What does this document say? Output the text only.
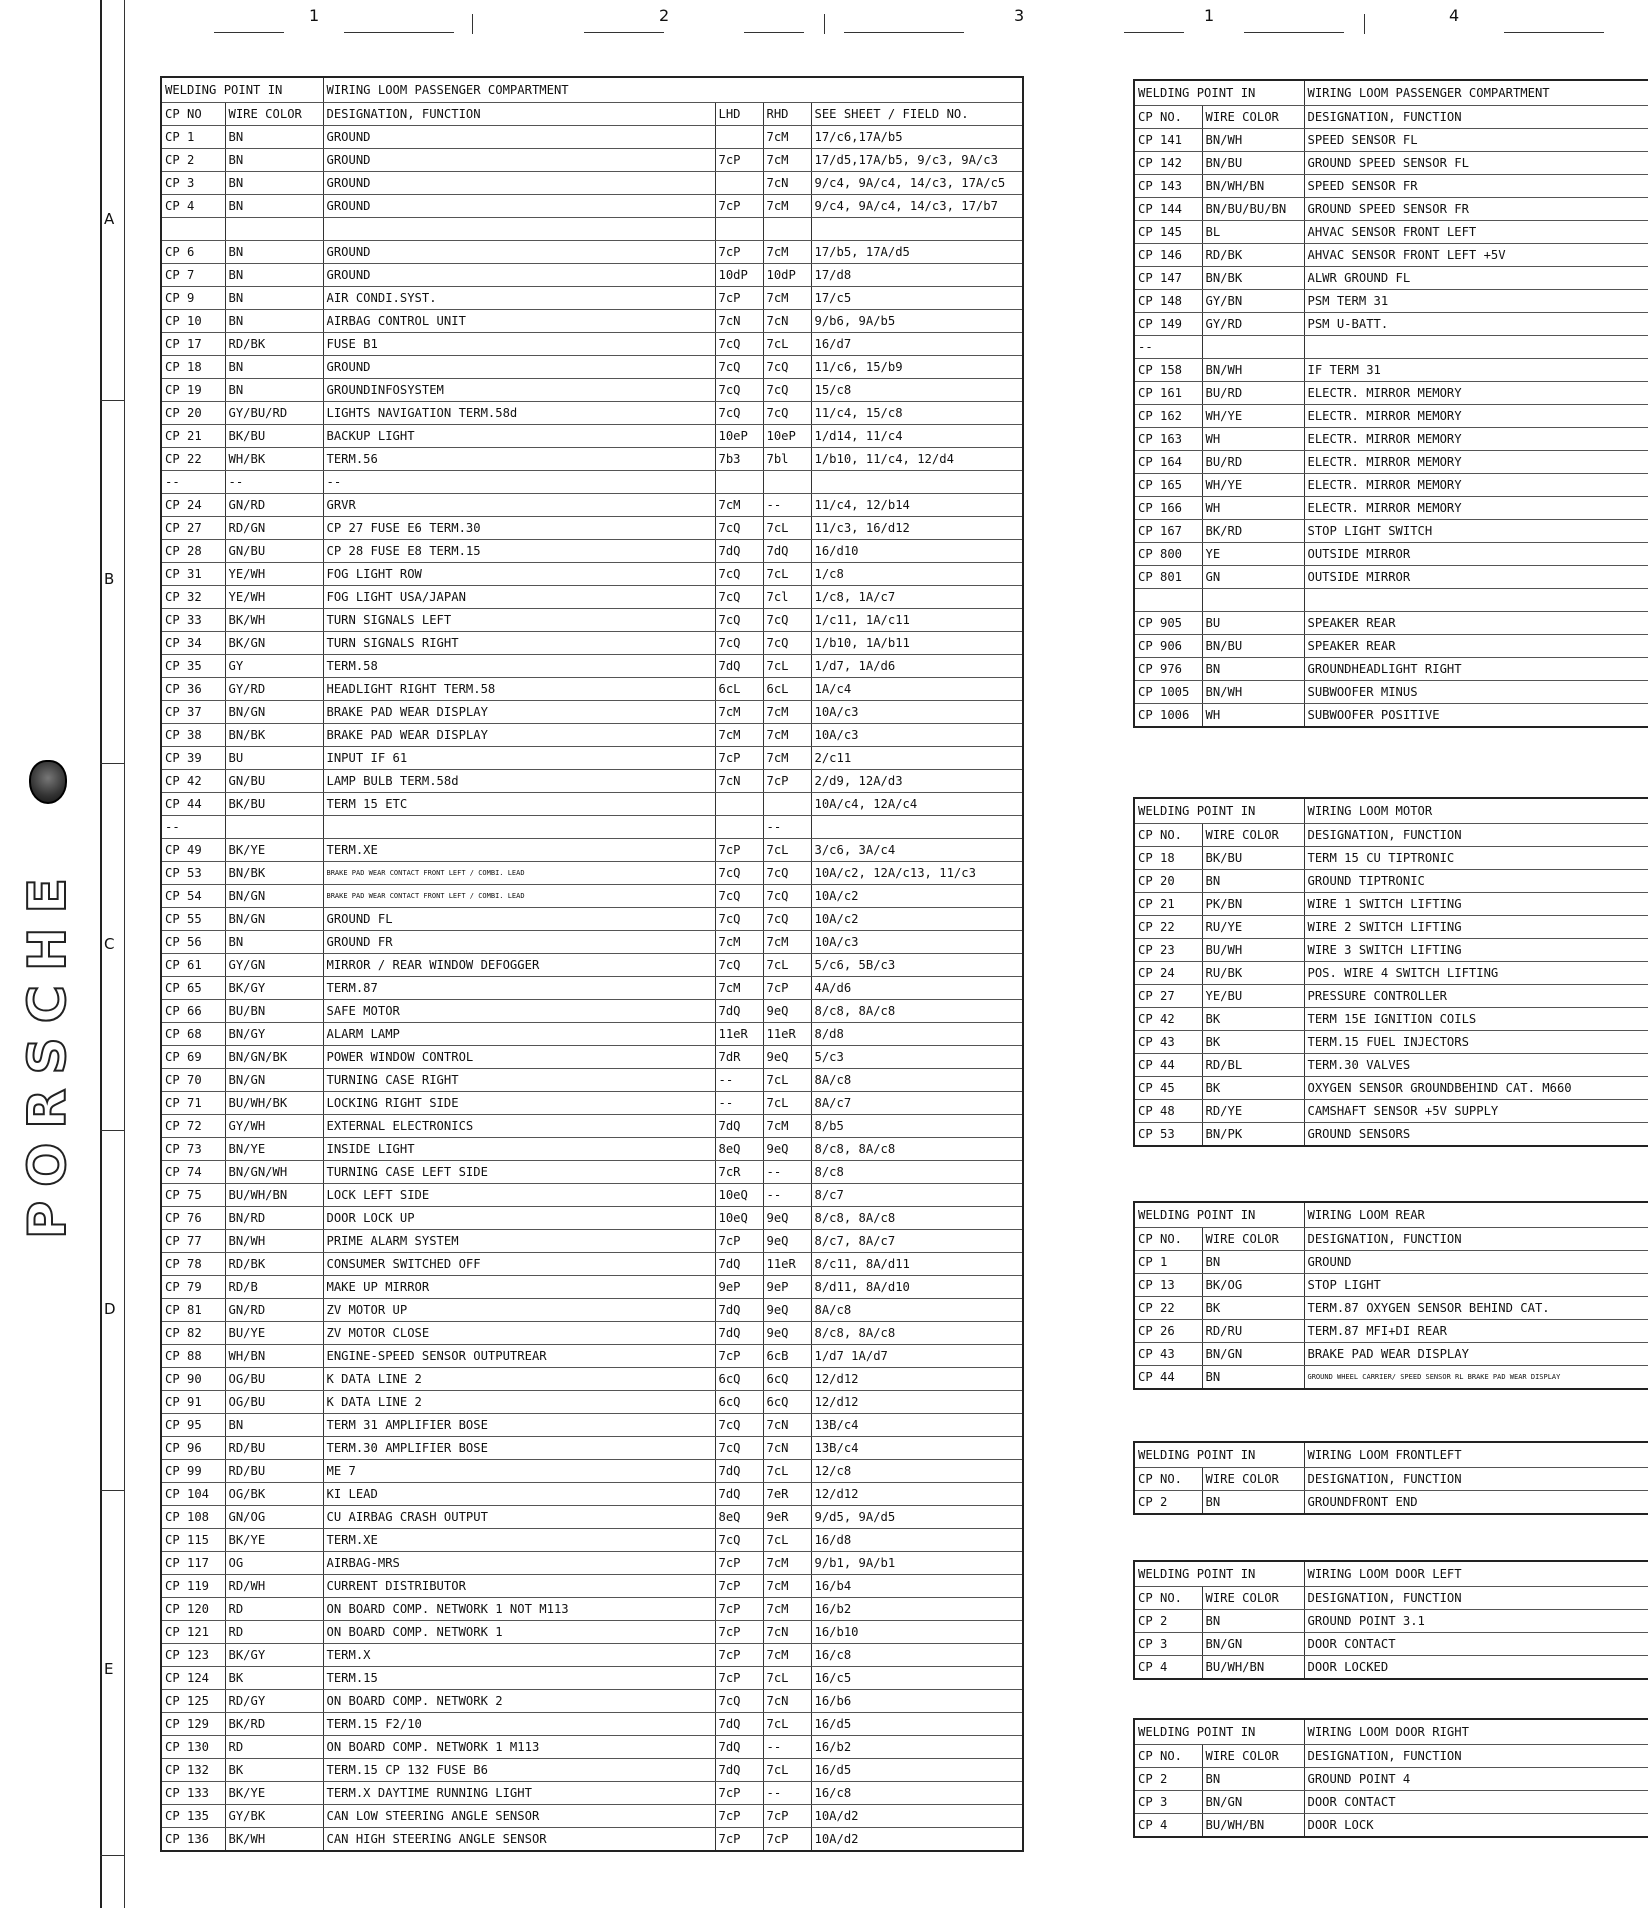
PORSCHE
A
B
C
D
E
1	2	3	1	4
WELDING POINT IN		WIRING LOOM PASSENGER COMPARTMENT			
CP NO	WIRE COLOR	DESIGNATION, FUNCTION	LHD	RHD	SEE SHEET / FIELD NO.
CP 1	BN	GROUND		7cM	17/c6,17A/b5
CP 2	BN	GROUND	7cP	7cM	17/d5,17A/b5, 9/c3, 9A/c3
CP 3	BN	GROUND		7cN	9/c4, 9A/c4, 14/c3, 17A/c5
CP 4	BN	GROUND	7cP	7cM	9/c4, 9A/c4, 14/c3, 17/b7

CP 6	BN	GROUND	7cP	7cM	17/b5, 17A/d5
CP 7	BN	GROUND	10dP	10dP	17/d8
CP 9	BN	AIR CONDI.SYST.	7cP	7cM	17/c5
CP 10	BN	AIRBAG CONTROL UNIT	7cN	7cN	9/b6, 9A/b5
CP 17	RD/BK	FUSE B1	7cQ	7cL	16/d7
CP 18	BN	GROUND	7cQ	7cQ	11/c6, 15/b9
CP 19	BN	GROUNDINFOSYSTEM	7cQ	7cQ	15/c8
CP 20	GY/BU/RD	LIGHTS NAVIGATION TERM.58d	7cQ	7cQ	11/c4, 15/c8
CP 21	BK/BU	BACKUP LIGHT	10eP	10eP	1/d14, 11/c4
CP 22	WH/BK	TERM.56	7b3	7bl	1/b10, 11/c4, 12/d4
--	--	--			
CP 24	GN/RD	GRVR	7cM	--	11/c4, 12/b14
CP 27	RD/GN	CP 27 FUSE E6 TERM.30	7cQ	7cL	11/c3, 16/d12
CP 28	GN/BU	CP 28 FUSE E8 TERM.15	7dQ	7dQ	16/d10
CP 31	YE/WH	FOG LIGHT ROW	7cQ	7cL	1/c8
CP 32	YE/WH	FOG LIGHT USA/JAPAN	7cQ	7cl	1/c8, 1A/c7
CP 33	BK/WH	TURN SIGNALS LEFT	7cQ	7cQ	1/c11, 1A/c11
CP 34	BK/GN	TURN SIGNALS RIGHT	7cQ	7cQ	1/b10, 1A/b11
CP 35	GY	TERM.58	7dQ	7cL	1/d7, 1A/d6
CP 36	GY/RD	HEADLIGHT RIGHT TERM.58	6cL	6cL	1A/c4
CP 37	BN/GN	BRAKE PAD WEAR DISPLAY	7cM	7cM	10A/c3
CP 38	BN/BK	BRAKE PAD WEAR DISPLAY	7cM	7cM	10A/c3
CP 39	BU	INPUT IF 61	7cP	7cM	2/c11
CP 42	GN/BU	LAMP BULB TERM.58d	7cN	7cP	2/d9, 12A/d3
CP 44	BK/BU	TERM 15 ETC			10A/c4, 12A/c4
--				--	
CP 49	BK/YE	TERM.XE	7cP	7cL	3/c6, 3A/c4
CP 53	BN/BK	BRAKE PAD WEAR CONTACT FRONT LEFT / COMBI. LEAD	7cQ	7cQ	10A/c2, 12A/c13, 11/c3
CP 54	BN/GN	BRAKE PAD WEAR CONTACT FRONT LEFT / COMBI. LEAD	7cQ	7cQ	10A/c2
CP 55	BN/GN	GROUND FL	7cQ	7cQ	10A/c2
CP 56	BN	GROUND FR	7cM	7cM	10A/c3
CP 61	GY/GN	MIRROR / REAR WINDOW DEFOGGER	7cQ	7cL	5/c6, 5B/c3
CP 65	BK/GY	TERM.87	7cM	7cP	4A/d6
CP 66	BU/BN	SAFE MOTOR	7dQ	9eQ	8/c8, 8A/c8
CP 68	BN/GY	ALARM LAMP	11eR	11eR	8/d8
CP 69	BN/GN/BK	POWER WINDOW CONTROL	7dR	9eQ	5/c3
CP 70	BN/GN	TURNING CASE RIGHT	--	7cL	8A/c8
CP 71	BU/WH/BK	LOCKING RIGHT SIDE	--	7cL	8A/c7
CP 72	GY/WH	EXTERNAL ELECTRONICS	7dQ	7cM	8/b5
CP 73	BN/YE	INSIDE LIGHT	8eQ	9eQ	8/c8, 8A/c8
CP 74	BN/GN/WH	TURNING CASE LEFT SIDE	7cR	--	8/c8
CP 75	BU/WH/BN	LOCK LEFT SIDE	10eQ	--	8/c7
CP 76	BN/RD	DOOR LOCK UP	10eQ	9eQ	8/c8, 8A/c8
CP 77	BN/WH	PRIME ALARM SYSTEM	7cP	9eQ	8/c7, 8A/c7
CP 78	RD/BK	CONSUMER SWITCHED OFF	7dQ	11eR	8/c11, 8A/d11
CP 79	RD/B	MAKE UP MIRROR	9eP	9eP	8/d11, 8A/d10
CP 81	GN/RD	ZV MOTOR UP	7dQ	9eQ	8A/c8
CP 82	BU/YE	ZV MOTOR CLOSE	7dQ	9eQ	8/c8, 8A/c8
CP 88	WH/BN	ENGINE-SPEED SENSOR OUTPUTREAR	7cP	6cB	1/d7 1A/d7
CP 90	OG/BU	K DATA LINE 2	6cQ	6cQ	12/d12
CP 91	OG/BU	K DATA LINE 2	6cQ	6cQ	12/d12
CP 95	BN	TERM 31 AMPLIFIER BOSE	7cQ	7cN	13B/c4
CP 96	RD/BU	TERM.30 AMPLIFIER BOSE	7cQ	7cN	13B/c4
CP 99	RD/BU	ME 7	7dQ	7cL	12/c8
CP 104	OG/BK	KI LEAD	7dQ	7eR	12/d12
CP 108	GN/OG	CU AIRBAG CRASH OUTPUT	8eQ	9eR	9/d5, 9A/d5
CP 115	BK/YE	TERM.XE	7cQ	7cL	16/d8
CP 117	OG	AIRBAG-MRS	7cP	7cM	9/b1, 9A/b1
CP 119	RD/WH	CURRENT DISTRIBUTOR	7cP	7cM	16/b4
CP 120	RD	ON BOARD COMP. NETWORK 1 NOT M113	7cP	7cM	16/b2
CP 121	RD	ON BOARD COMP. NETWORK 1	7cP	7cN	16/b10
CP 123	BK/GY	TERM.X	7cP	7cM	16/c8
CP 124	BK	TERM.15	7cP	7cL	16/c5
CP 125	RD/GY	ON BOARD COMP. NETWORK 2	7cQ	7cN	16/b6
CP 129	BK/RD	TERM.15 F2/10	7dQ	7cL	16/d5
CP 130	RD	ON BOARD COMP. NETWORK 1 M113	7dQ	--	16/b2
CP 132	BK	TERM.15 CP 132 FUSE B6	7dQ	7cL	16/d5
CP 133	BK/YE	TERM.X DAYTIME RUNNING LIGHT	7cP	--	16/c8
CP 135	GY/BK	CAN LOW STEERING ANGLE SENSOR	7cP	7cP	10A/d2
CP 136	BK/WH	CAN HIGH STEERING ANGLE SENSOR	7cP	7cP	10A/d2
WELDING POINT IN		WIRING LOOM PASSENGER COMPARTMENT
CP NO.	WIRE COLOR	DESIGNATION, FUNCTION
CP 141	BN/WH	SPEED SENSOR FL
CP 142	BN/BU	GROUND SPEED SENSOR FL
CP 143	BN/WH/BN	SPEED SENSOR FR
CP 144	BN/BU/BU/BN	GROUND SPEED SENSOR FR
CP 145	BL	AHVAC SENSOR FRONT LEFT
CP 146	RD/BK	AHVAC SENSOR FRONT LEFT +5V
CP 147	BN/BK	ALWR GROUND FL
CP 148	GY/BN	PSM TERM 31
CP 149	GY/RD	PSM U-BATT.
--		
CP 158	BN/WH	IF TERM 31
CP 161	BU/RD	ELECTR. MIRROR MEMORY
CP 162	WH/YE	ELECTR. MIRROR MEMORY
CP 163	WH	ELECTR. MIRROR MEMORY
CP 164	BU/RD	ELECTR. MIRROR MEMORY
CP 165	WH/YE	ELECTR. MIRROR MEMORY
CP 166	WH	ELECTR. MIRROR MEMORY
CP 167	BK/RD	STOP LIGHT SWITCH
CP 800	YE	OUTSIDE MIRROR
CP 801	GN	OUTSIDE MIRROR

CP 905	BU	SPEAKER REAR
CP 906	BN/BU	SPEAKER REAR
CP 976	BN	GROUNDHEADLIGHT RIGHT
CP 1005	BN/WH	SUBWOOFER MINUS
CP 1006	WH	SUBWOOFER POSITIVE
WELDING POINT IN		WIRING LOOM MOTOR
CP NO.	WIRE COLOR	DESIGNATION, FUNCTION
CP 18	BK/BU	TERM 15 CU TIPTRONIC
CP 20	BN	GROUND TIPTRONIC
CP 21	PK/BN	WIRE 1 SWITCH LIFTING
CP 22	RU/YE	WIRE 2 SWITCH LIFTING
CP 23	BU/WH	WIRE 3 SWITCH LIFTING
CP 24	RU/BK	POS. WIRE 4 SWITCH LIFTING
CP 27	YE/BU	PRESSURE CONTROLLER
CP 42	BK	TERM 15E IGNITION COILS
CP 43	BK	TERM.15 FUEL INJECTORS
CP 44	RD/BL	TERM.30 VALVES
CP 45	BK	OXYGEN SENSOR GROUNDBEHIND CAT. M660
CP 48	RD/YE	CAMSHAFT SENSOR +5V SUPPLY
CP 53	BN/PK	GROUND SENSORS
WELDING POINT IN		WIRING LOOM REAR
CP NO.	WIRE COLOR	DESIGNATION, FUNCTION
CP 1	BN	GROUND
CP 13	BK/OG	STOP LIGHT
CP 22	BK	TERM.87 OXYGEN SENSOR BEHIND CAT.
CP 26	RD/RU	TERM.87 MFI+DI REAR
CP 43	BN/GN	BRAKE PAD WEAR DISPLAY
CP 44	BN	GROUND WHEEL CARRIER/ SPEED SENSOR RL BRAKE PAD WEAR DISPLAY
WELDING POINT IN		WIRING LOOM FRONTLEFT
CP NO.	WIRE COLOR	DESIGNATION, FUNCTION
CP 2	BN	GROUNDFRONT END
WELDING POINT IN		WIRING LOOM DOOR LEFT
CP NO.	WIRE COLOR	DESIGNATION, FUNCTION
CP 2	BN	GROUND POINT 3.1
CP 3	BN/GN	DOOR CONTACT
CP 4	BU/WH/BN	DOOR LOCKED
WELDING POINT IN		WIRING LOOM DOOR RIGHT
CP NO.	WIRE COLOR	DESIGNATION, FUNCTION
CP 2	BN	GROUND POINT 4
CP 3	BN/GN	DOOR CONTACT
CP 4	BU/WH/BN	DOOR LOCK
